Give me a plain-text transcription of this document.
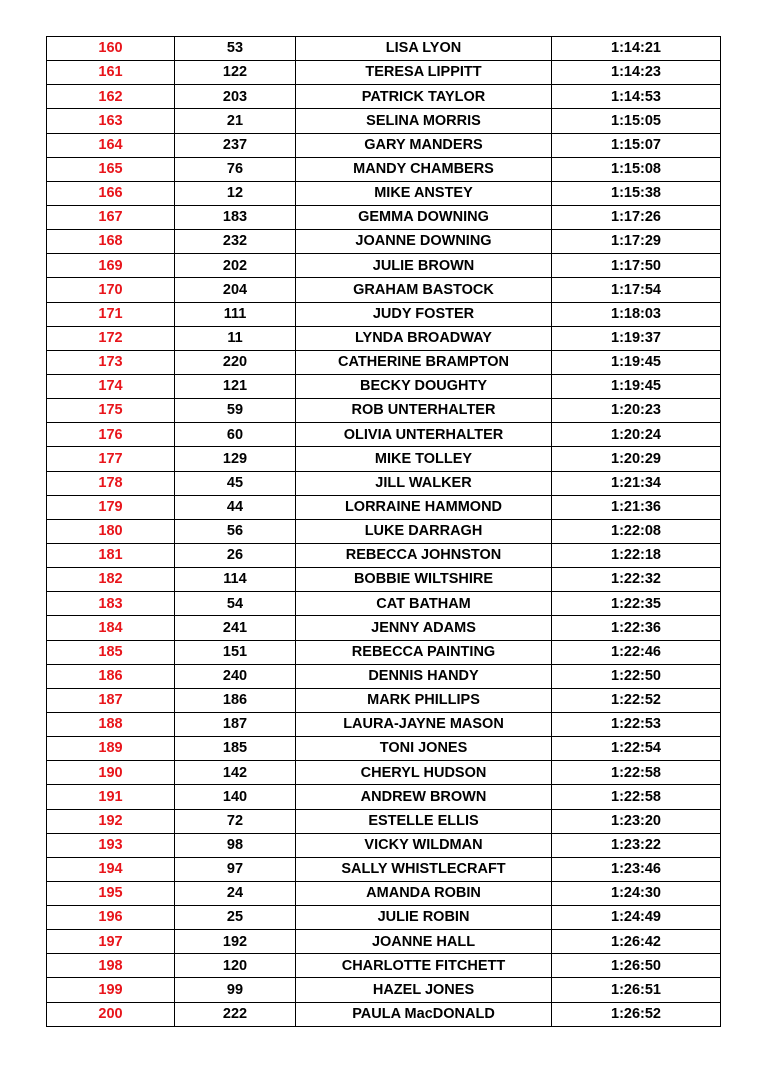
160	53	LISA LYON	1:14:21
161	122	TERESA LIPPITT	1:14:23
162	203	PATRICK TAYLOR	1:14:53
163	21	SELINA MORRIS	1:15:05
164	237	GARY MANDERS	1:15:07
165	76	MANDY CHAMBERS	1:15:08
166	12	MIKE ANSTEY	1:15:38
167	183	GEMMA DOWNING	1:17:26
168	232	JOANNE DOWNING	1:17:29
169	202	JULIE BROWN	1:17:50
170	204	GRAHAM BASTOCK	1:17:54
171	111	JUDY FOSTER	1:18:03
172	11	LYNDA BROADWAY	1:19:37
173	220	CATHERINE BRAMPTON	1:19:45
174	121	BECKY DOUGHTY	1:19:45
175	59	ROB UNTERHALTER	1:20:23
176	60	OLIVIA UNTERHALTER	1:20:24
177	129	MIKE TOLLEY	1:20:29
178	45	JILL WALKER	1:21:34
179	44	LORRAINE HAMMOND	1:21:36
180	56	LUKE DARRAGH	1:22:08
181	26	REBECCA JOHNSTON	1:22:18
182	114	BOBBIE WILTSHIRE	1:22:32
183	54	CAT BATHAM	1:22:35
184	241	JENNY ADAMS	1:22:36
185	151	REBECCA PAINTING	1:22:46
186	240	DENNIS HANDY	1:22:50
187	186	MARK PHILLIPS	1:22:52
188	187	LAURA-JAYNE MASON	1:22:53
189	185	TONI JONES	1:22:54
190	142	CHERYL HUDSON	1:22:58
191	140	ANDREW BROWN	1:22:58
192	72	ESTELLE ELLIS	1:23:20
193	98	VICKY WILDMAN	1:23:22
194	97	SALLY WHISTLECRAFT	1:23:46
195	24	AMANDA ROBIN	1:24:30
196	25	JULIE ROBIN	1:24:49
197	192	JOANNE HALL	1:26:42
198	120	CHARLOTTE FITCHETT	1:26:50
199	99	HAZEL JONES	1:26:51
200	222	PAULA MacDONALD	1:26:52
